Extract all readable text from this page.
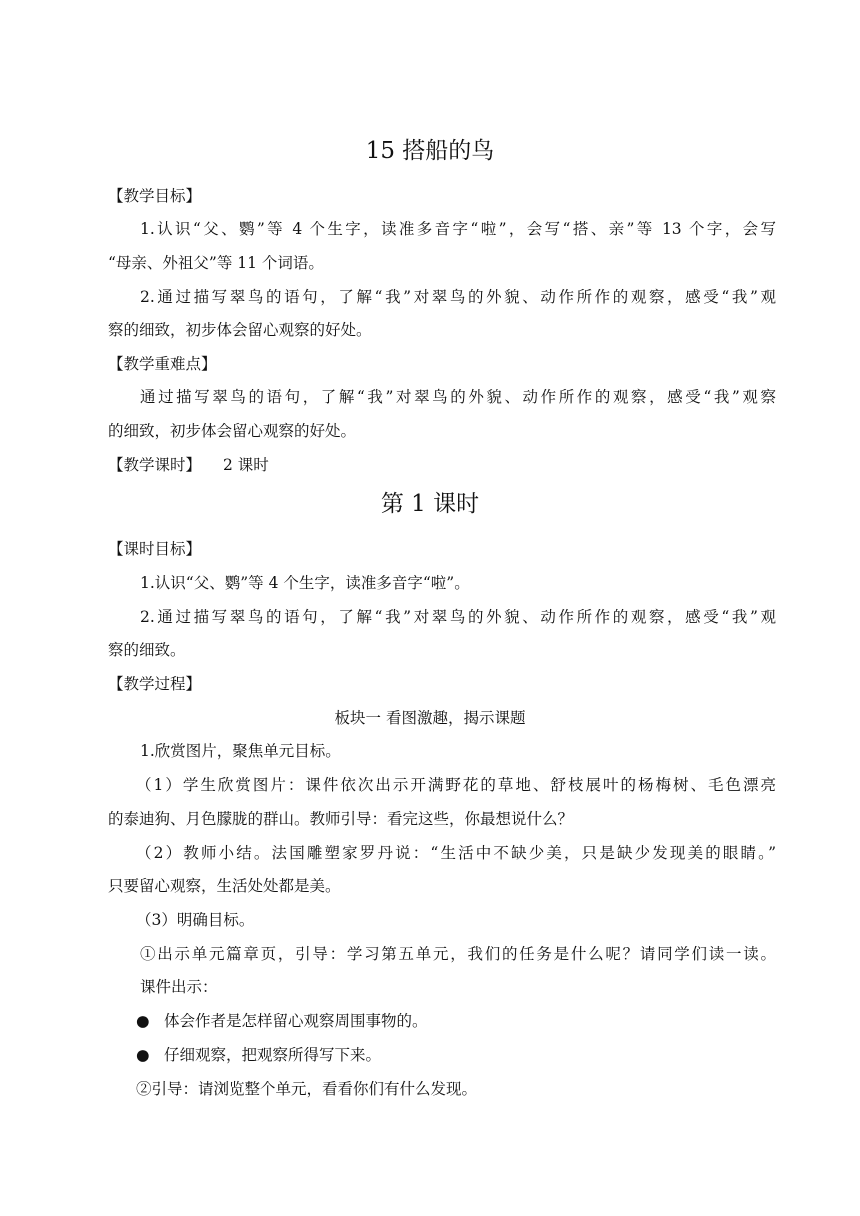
15 搭船的鸟
【教学目标】
1.认识“父、鹦”等 4 个生字，读准多音字“啦”，会写“搭、亲”等 13 个字，会写
“母亲、外祖父”等 11 个词语。
2.通过描写翠鸟的语句，了解“我”对翠鸟的外貌、动作所作的观察，感受“我”观
察的细致，初步体会留心观察的好处。
【教学重难点】
通过描写翠鸟的语句，了解“我”对翠鸟的外貌、动作所作的观察，感受“我”观察
的细致，初步体会留心观察的好处。
【教学课时】 2 课时
第 1 课时
【课时目标】
1.认识“父、鹦”等 4 个生字，读准多音字“啦”。
2.通过描写翠鸟的语句，了解“我”对翠鸟的外貌、动作所作的观察，感受“我”观
察的细致。
【教学过程】
板块一 看图激趣，揭示课题
1.欣赏图片，聚焦单元目标。
（1）学生欣赏图片：课件依次出示开满野花的草地、舒枝展叶的杨梅树、毛色漂亮
的泰迪狗、月色朦胧的群山。教师引导：看完这些，你最想说什么？
（2）教师小结。法国雕塑家罗丹说：“生活中不缺少美，只是缺少发现美的眼睛。”
只要留心观察，生活处处都是美。
（3）明确目标。
①出示单元篇章页，引导：学习第五单元，我们的任务是什么呢？请同学们读一读。
课件出示：
● 体会作者是怎样留心观察周围事物的。
● 仔细观察，把观察所得写下来。
②引导：请浏览整个单元，看看你们有什么发现。
